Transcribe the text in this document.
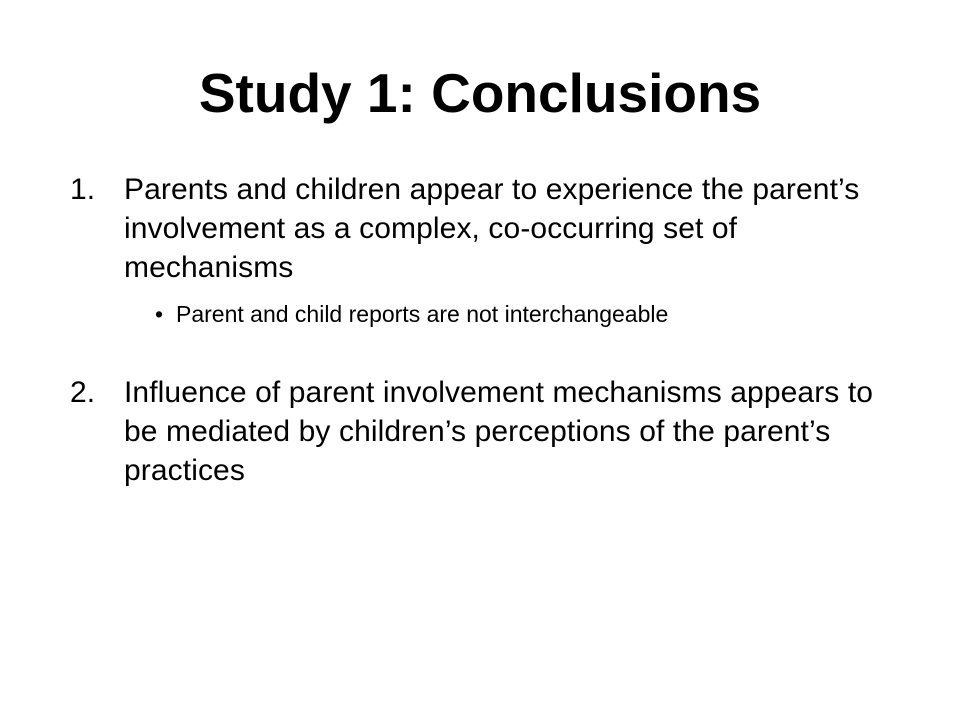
Study 1: Conclusions
1. Parents and children appear to experience the parent’s involvement as a complex, co-occurring set of mechanisms
• Parent and child reports are not interchangeable
2. Influence of parent involvement mechanisms appears to be mediated by children’s perceptions of the parent’s practices
